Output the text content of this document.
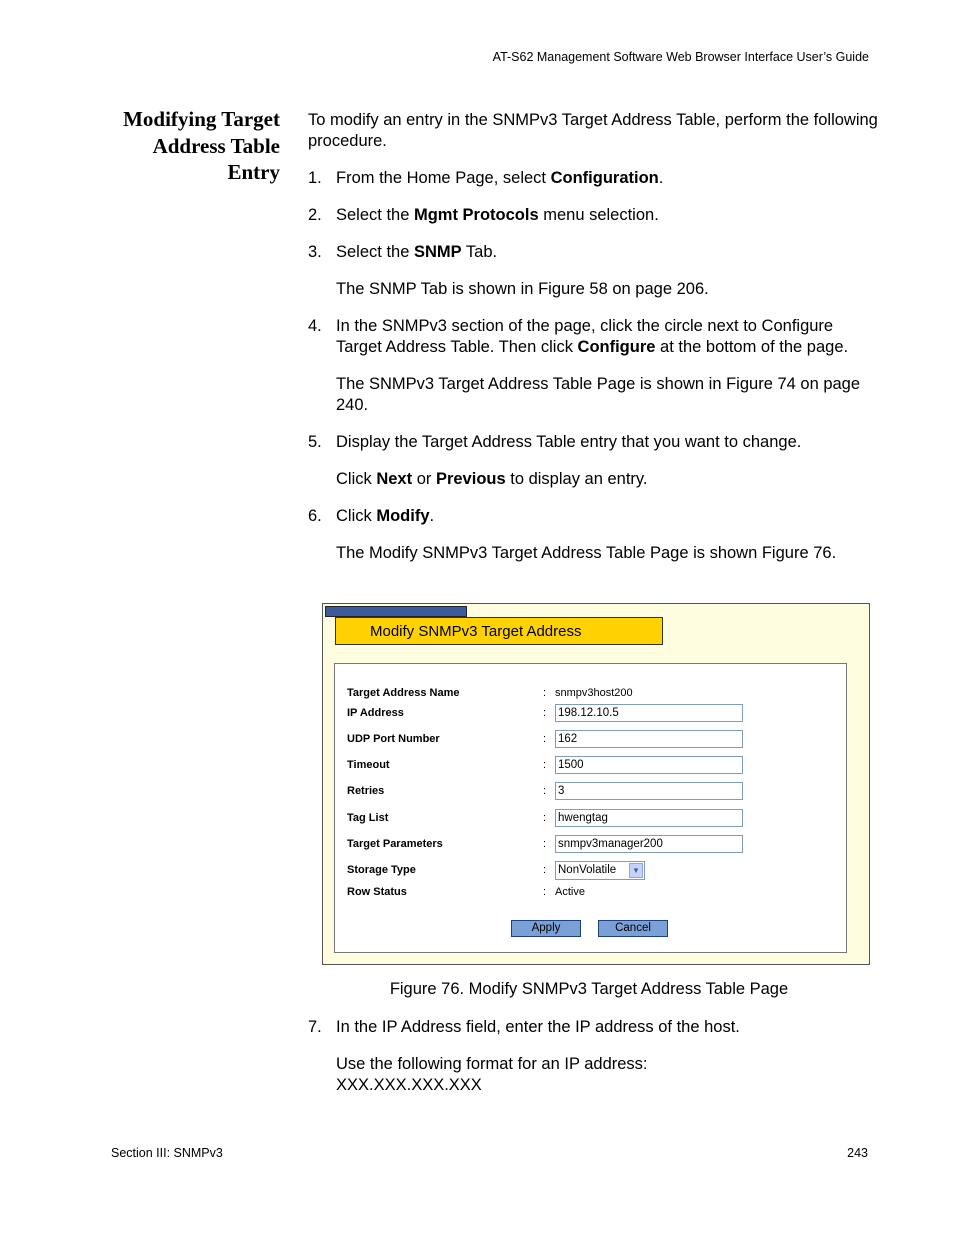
AT-S62 Management Software Web Browser Interface User’s Guide
Modifying Target Address Table Entry

To modify an entry in the SNMPv3 Target Address Table, perform the following procedure.

1. From the Home Page, select Configuration.
2. Select the Mgmt Protocols menu selection.
3. Select the SNMP Tab.

The SNMP Tab is shown in Figure 58 on page 206.

4. In the SNMPv3 section of the page, click the circle next to Configure Target Address Table. Then click Configure at the bottom of the page.

The SNMPv3 Target Address Table Page is shown in Figure 74 on page 240.

5. Display the Target Address Table entry that you want to change.

Click Next or Previous to display an entry.

6. Click Modify.

The Modify SNMPv3 Target Address Table Page is shown Figure 76.

Modify SNMPv3 Target Address
Target Address Name	: snmpv3host200
IP Address	: 198.12.10.5
UDP Port Number	: 162
Timeout	: 1500
Retries	: 3
Tag List	: hwengtag
Target Parameters	: snmpv3manager200
Storage Type	: NonVolatile	▼
Row Status	: Active
Apply	Cancel
Figure 76. Modify SNMPv3 Target Address Table Page
7. In the IP Address field, enter the IP address of the host.

Use the following format for an IP address:
XXX.XXX.XXX.XXX

Section III: SNMPv3	243
